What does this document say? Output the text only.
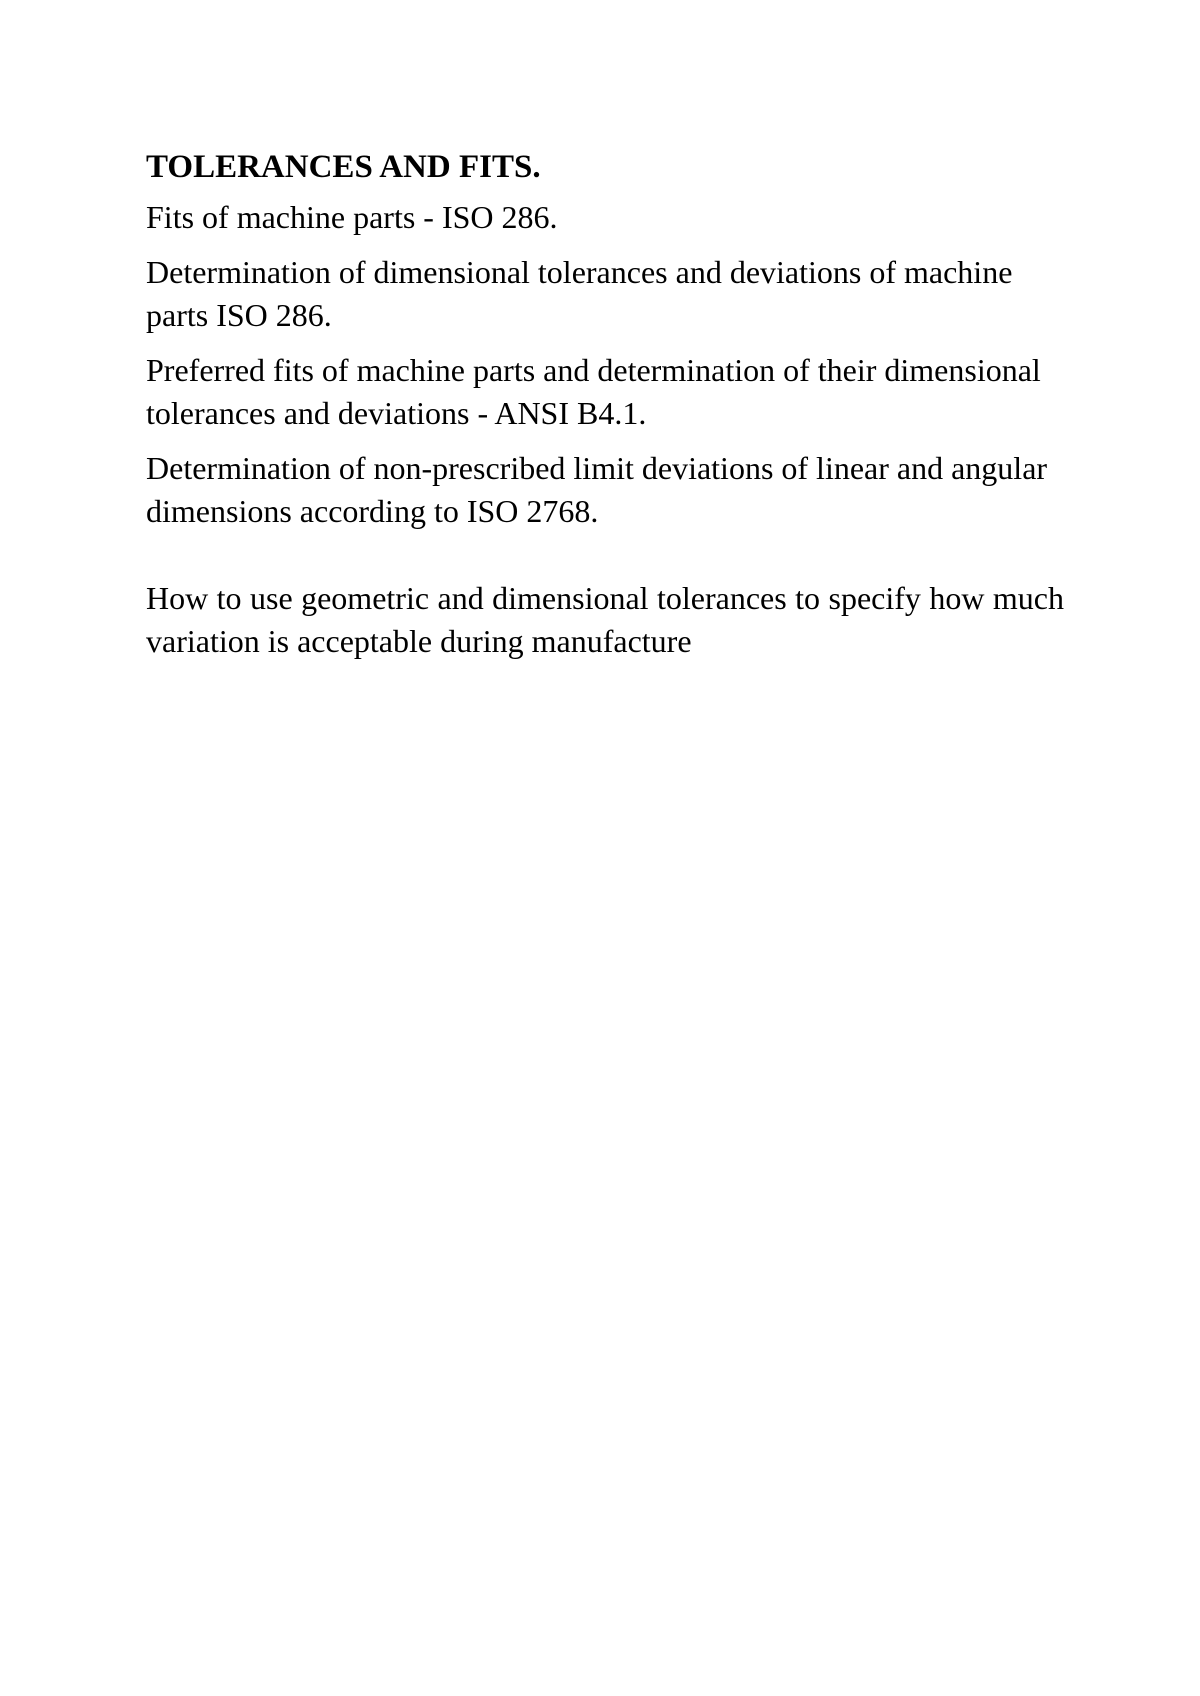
TOLERANCES AND FITS.
Fits of machine parts - ISO 286.
Determination of dimensional tolerances and deviations of machine parts ISO 286.
Preferred fits of machine parts and determination of their dimensional tolerances and deviations - ANSI B4.1.
Determination of non-prescribed limit deviations of linear and angular dimensions according to ISO 2768.
How to use geometric and dimensional tolerances to specify how much variation is acceptable during manufacture
